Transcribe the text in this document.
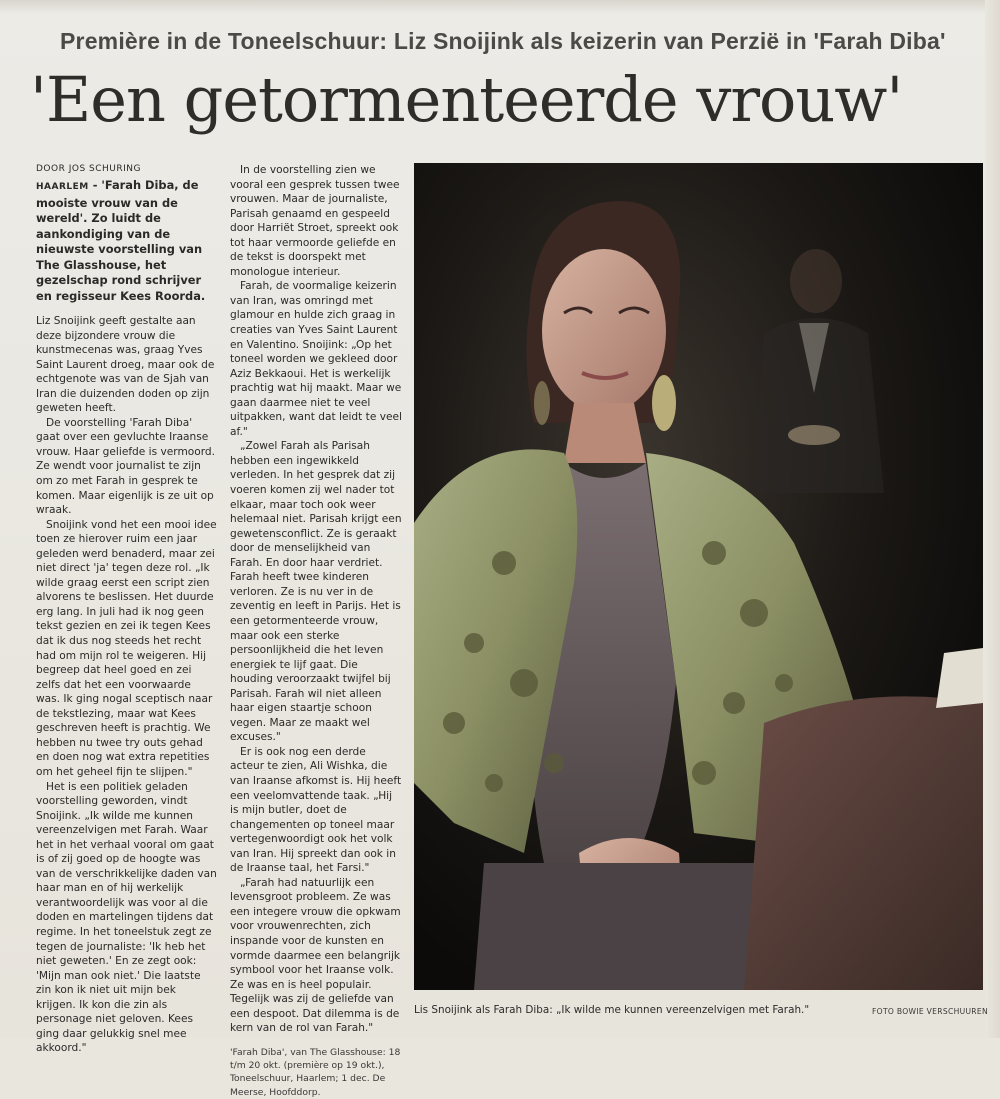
Première in de Toneelschuur: Liz Snoijink als keizerin van Perzië in 'Farah Diba'
'Een getormenteerde vrouw'
DOOR JOS SCHURING
HAARLEM - 'Farah Diba, de mooiste vrouw van de wereld'. Zo luidt de aankondiging van de nieuwste voorstelling van The Glasshouse, het gezelschap rond schrijver en regisseur Kees Roorda.

Liz Snoijink geeft gestalte aan deze bijzondere vrouw die kunstmecenas was, graag Yves Saint Laurent droeg, maar ook de echtgenote was van de Sjah van Iran die duizenden doden op zijn geweten heeft.

De voorstelling 'Farah Diba' gaat over een gevluchte Iraanse vrouw. Haar geliefde is vermoord. Ze wendt voor journalist te zijn om zo met Farah in gesprek te komen. Maar eigenlijk is ze uit op wraak.

Snoijink vond het een mooi idee toen ze hierover ruim een jaar geleden werd benaderd, maar zei niet direct 'ja' tegen deze rol. „Ik wilde graag eerst een script zien alvorens te beslissen. Het duurde erg lang. In juli had ik nog geen tekst gezien en zei ik tegen Kees dat ik dus nog steeds het recht had om mijn rol te weigeren. Hij begreep dat heel goed en zei zelfs dat het een voorwaarde was. Ik ging nogal sceptisch naar de tekstlezing, maar wat Kees geschreven heeft is prachtig. We hebben nu twee try outs gehad en doen nog wat extra repetities om het geheel fijn te slijpen."

Het is een politiek geladen voorstelling geworden, vindt Snoijink. „Ik wilde me kunnen vereenzelvigen met Farah. Waar het in het verhaal vooral om gaat is of zij goed op de hoogte was van de verschrikkelijke daden van haar man en of hij werkelijk verantwoordelijk was voor al die doden en martelingen tijdens dat regime. In het toneelstuk zegt ze tegen de journaliste: 'Ik heb het niet geweten.' En ze zegt ook: 'Mijn man ook niet.' Die laatste zin kon ik niet uit mijn bek krijgen. Ik kon die zin als personage niet geloven. Kees ging daar gelukkig snel mee akkoord."

In de voorstelling zien we vooral een gesprek tussen twee vrouwen. Maar de journaliste, Parisah genaamd en gespeeld door Harriët Stroet, spreekt ook tot haar vermoorde geliefde en de tekst is doorspekt met monologue interieur.

Farah, de voormalige keizerin van Iran, was omringd met glamour en hulde zich graag in creaties van Yves Saint Laurent en Valentino. Snoijink: „Op het toneel worden we gekleed door Aziz Bekkaoui. Het is werkelijk prachtig wat hij maakt. Maar we gaan daarmee niet te veel uitpakken, want dat leidt te veel af."

„Zowel Farah als Parisah hebben een ingewikkeld verleden. In het gesprek dat zij voeren komen zij wel nader tot elkaar, maar toch ook weer helemaal niet. Parisah krijgt een gewetensconflict. Ze is geraakt door de menselijkheid van Farah. En door haar verdriet. Farah heeft twee kinderen verloren. Ze is nu ver in de zeventig en leeft in Parijs. Het is een getormenteerde vrouw, maar ook een sterke persoonlijkheid die het leven energiek te lijf gaat. Die houding veroorzaakt twijfel bij Parisah. Farah wil niet alleen haar eigen staartje schoon vegen. Maar ze maakt wel excuses."

Er is ook nog een derde acteur te zien, Ali Wishka, die van Iraanse afkomst is. Hij heeft een veelomvattende taak. „Hij is mijn butler, doet de changementen op toneel maar vertegenwoordigt ook het volk van Iran. Hij spreekt dan ook in de Iraanse taal, het Farsi."

„Farah had natuurlijk een levensgroot probleem. Ze was een integere vrouw die opkwam voor vrouwenrechten, zich inspande voor de kunsten en vormde daarmee een belangrijk symbool voor het Iraanse volk. Ze was en is heel populair. Tegelijk was zij de geliefde van een despoot. Dat dilemma is de kern van de rol van Farah."

'Farah Diba', van The Glasshouse: 18 t/m 20 okt. (première op 19 okt.), Toneelschuur, Haarlem; 1 dec. De Meerse, Hoofddorp.
Lis Snoijink als Farah Diba: „Ik wilde me kunnen vereenzelvigen met Farah."	FOTO BOWIE VERSCHUUREN
